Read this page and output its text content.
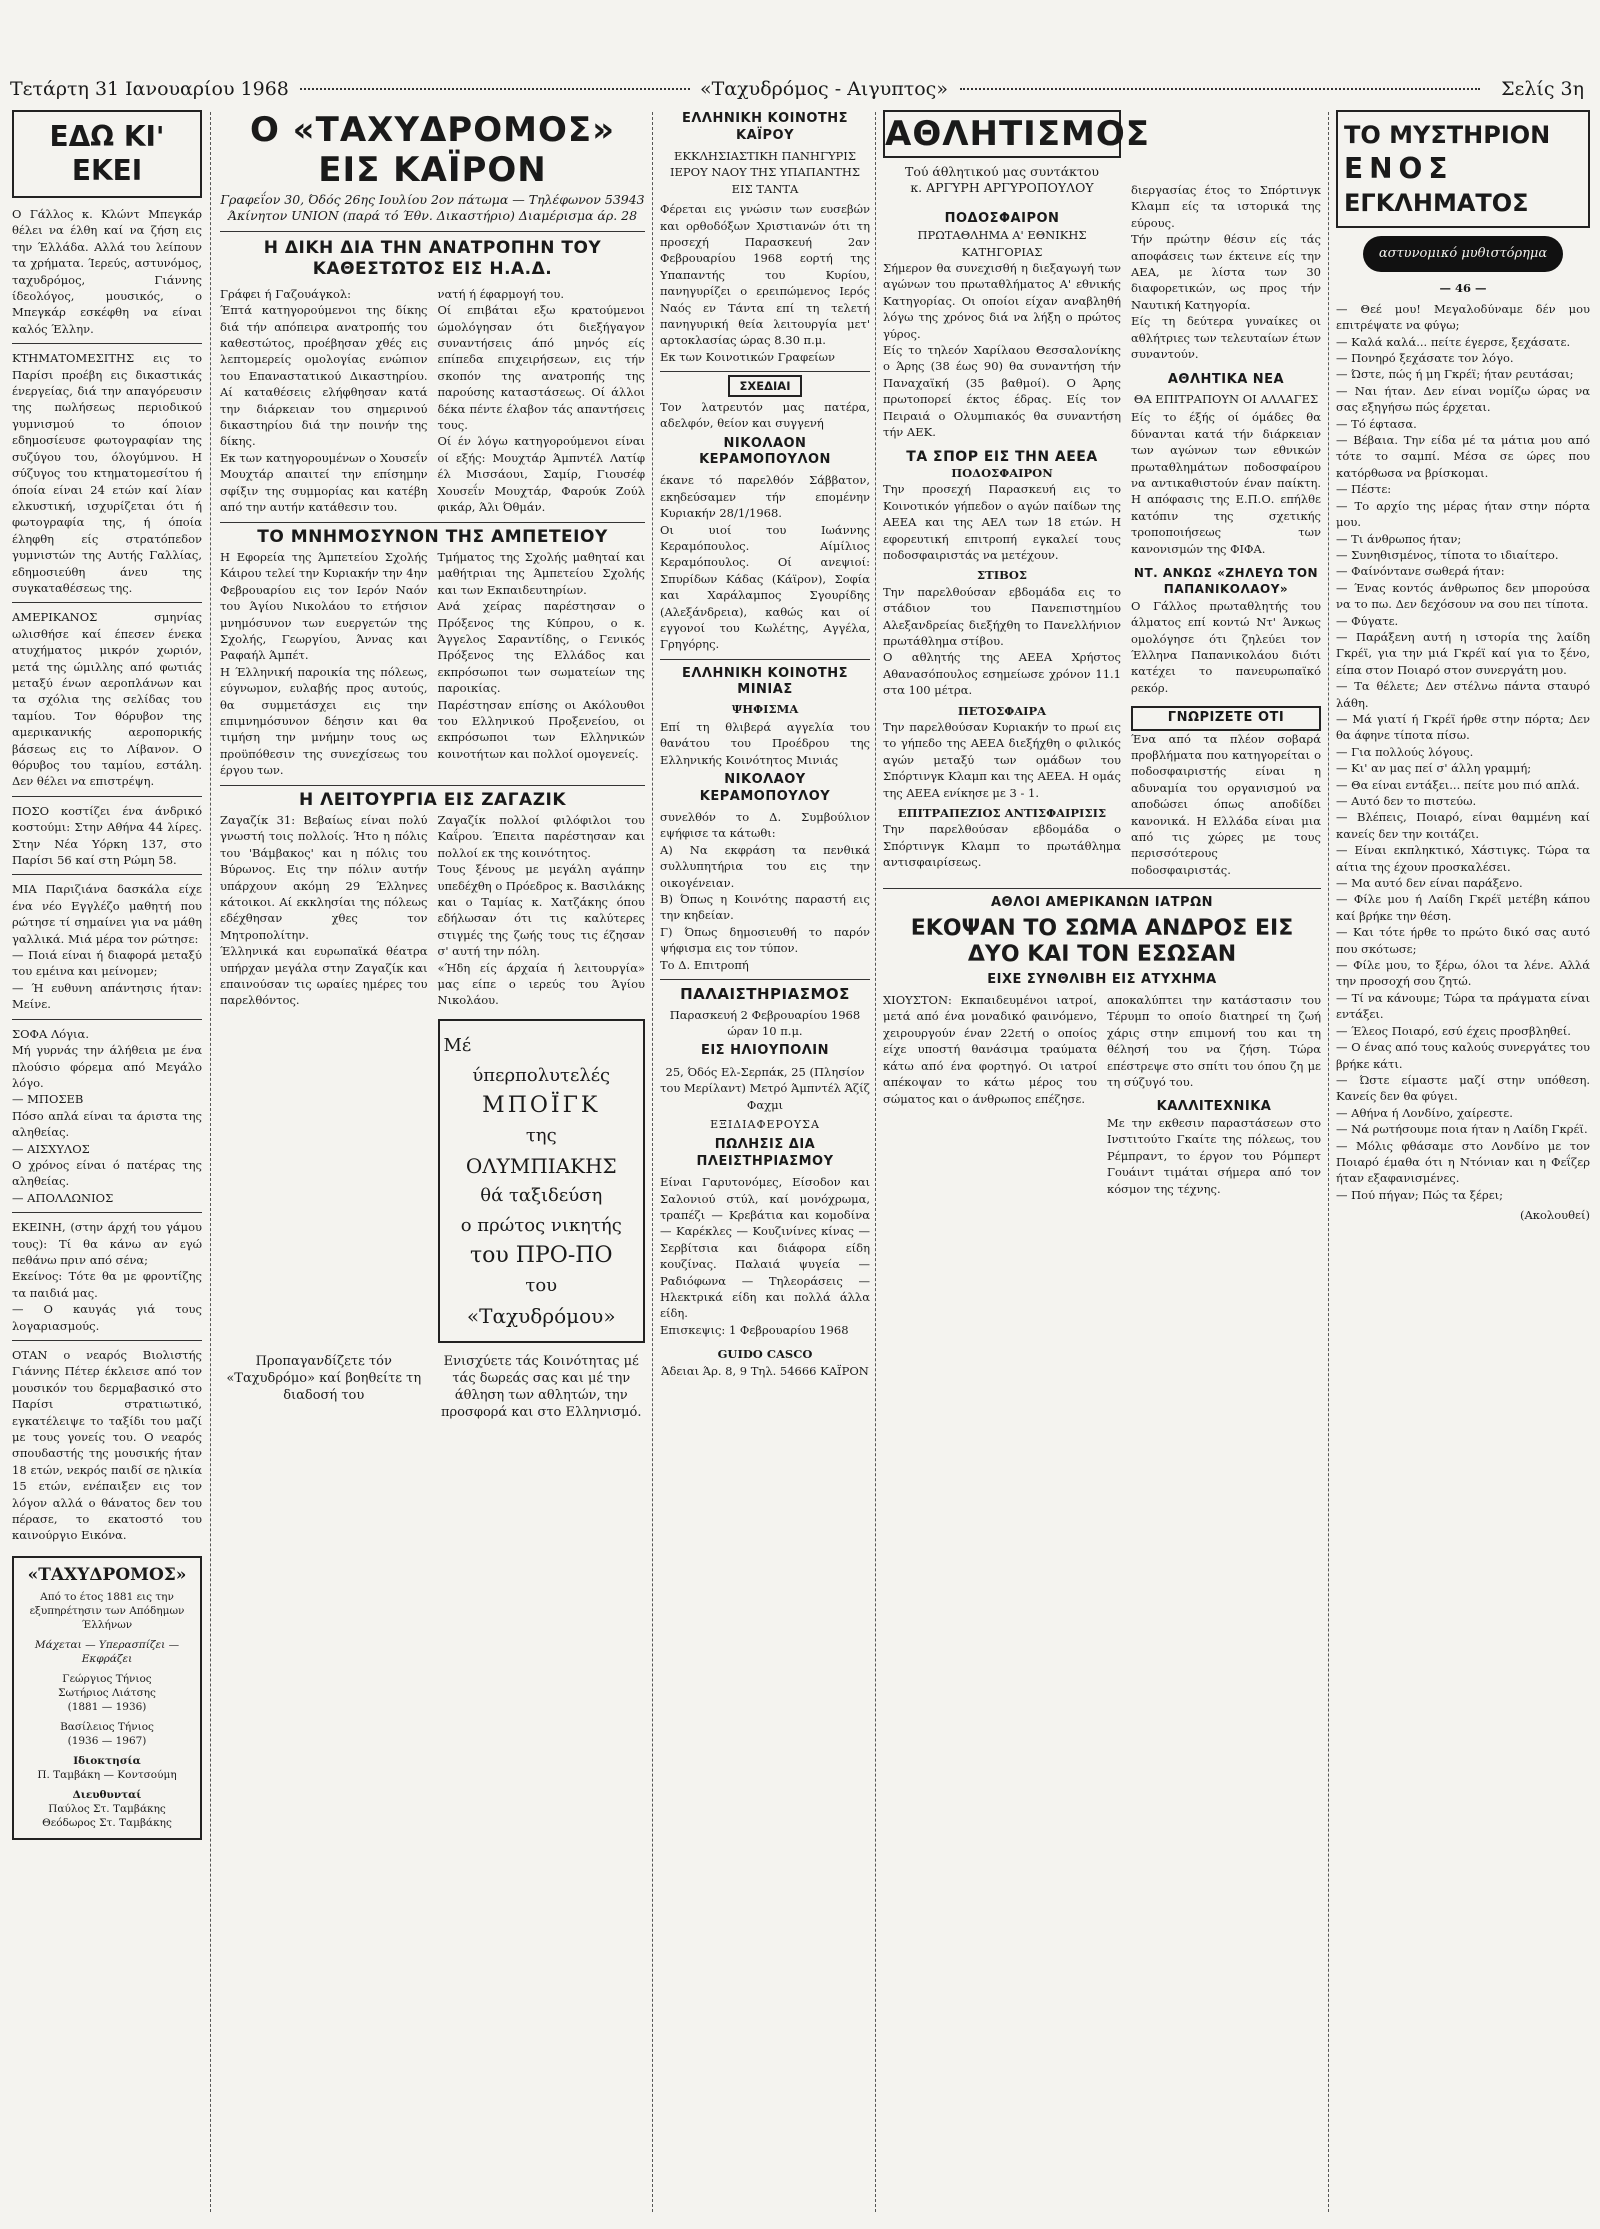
Τετάρτη 31 Ιανουαρίου 1968	«Ταχυδρόμος - Αιγυπτος»	Σελίς 3η
ΕΔΩ ΚΙ' ΕΚΕΙ
Ο Γάλλος κ. Κλώντ Μπεγκάρ θέλει να έλθη καί να ζήση εις την Έλλάδα. Αλλά του λείπουν τα χρήματα. Ίερεύς, αστυνόμος, ταχυδρόμος, Γιάννης ίδεολόγος, μουσικός, ο Μπεγκάρ εσκέφθη να είναι καλός Έλλην.
ΚΤΗΜΑΤΟΜΕΣΙΤΗΣ εις το Παρίσι προέβη εις δικαστικάς ένεργείας, διά την απαγόρευσιν της πωλήσεως περιοδικού γυμνισμού το όποιον εδημοσίευσε φωτογραφίαν της συζύγου του, όλογύμνου. Η σύζυγος του κτηματομεσίτου ή όποία είναι 24 ετών καί λίαν ελκυστική, ισχυρίζεται ότι ή φωτογραφία της, ή όποία έληφθη είς στρατόπεδον γυμνιστών της Αυτής Γαλλίας, εδημοσιεύθη άνευ της συγκαταθέσεως της.
ΑΜΕΡΙΚΑΝΟΣ σμηνίας ωλισθήσε καί έπεσεν ένεκα ατυχήματος μικρόν χωριόν, μετά της ώμιλλης από φωτιάς μεταξύ ένων αεροπλάνων και τα σχόλια της σελίδας του ταμίου. Τον θόρυβον της αμερικανικής αεροπορικής βάσεως εις το Λίβανον. Ο θόρυβος του ταμίου, εστάλη. Δεν θέλει να επιστρέψη.
ΠΟΣΟ κοστίζει ένα άνδρικό κοστούμι: Στην Αθήνα 44 λίρες. Στην Νέα Υόρκη 137, στο Παρίσι 56 καί στη Ρώμη 58.
ΜΙΑ Παριζιάνα δασκάλα είχε ένα νέο Εγγλέζο μαθητή που ρώτησε τί σημαίνει για να μάθη γαλλικά. Μιά μέρα τον ρώτησε:
— Ποιά είναι ή διαφορά μεταξύ του εμέινα και μείνομεν;
— Ή ευθυνη απάντησις ήταν: Μείνε.
ΣΟΦΑ Λόγια.
Μή γυρνάς την άλήθεια με ένα πλούσιο φόρεμα από Μεγάλο λόγο.
— ΜΠΟΣΕΒ
Πόσο απλά είναι τα άριστα της αληθείας.
— ΑΙΣΧΥΛΟΣ
Ο χρόνος είναι ό πατέρας της αληθείας.
— ΑΠΟΛΛΩΝΙΟΣ
ΕΚΕΙΝΗ, (στην άρχή του γάμου τους): Τί θα κάνω αν εγώ πεθάνω πριν από σένα;
Εκείνος: Τότε θα με φροντίζης τα παιδιά μας.
— Ο καυγάς γιά τους λογαριασμούς.
ΟΤΑΝ ο νεαρός Βιολιστής Γιάννης Πέτερ έκλεισε από τον μουσικόν του δερμαβασικό στο Παρίσι στρατιωτικό, εγκατέλειψε το ταξίδι του μαζί με τους γονείς του. Ο νεαρός σπουδαστής της μουσικής ήταν 18 ετών, νεκρός παιδί σε ηλικία 15 ετών, ενέπαιξεν εις τον λόγον αλλά ο θάνατος δεν του πέρασε, το εκατοστό του καινούργιο Εικόνα.
«ΤΑΧΥΔΡΟΜΟΣ»
Από το έτος 1881 εις την εξυπηρέτησιν των Απόδημων Έλλήνων
Μάχεται — Υπερασπίζει — Εκφράζει
Γεώργιος Τήνιος
Σωτήριος Λιάτσης
(1881 — 1936)
Βασίλειος Τήνιος
(1936 — 1967)
Ιδιοκτησία
Π. Ταμβάκη — Κοντσούμη
Διευθυνταί
Παύλος Στ. Ταμβάκης
Θεόδωρος Στ. Ταμβάκης
Ο «ΤΑΧΥΔΡΟΜΟΣ» ΕΙΣ ΚΑΪΡΟΝ
Γραφεΐον 30, Όδός 26ης Ιουλίου 2ον πάτωμα — Τηλέφωνον 53943
Άκίνητον UNION (παρά τό Έθν. Δικαστήριο) Διαμέρισμα άρ. 28
Η ΔΙΚΗ ΔΙΑ ΤΗΝ ΑΝΑΤΡΟΠΗΝ ΤΟΥ ΚΑΘΕΣΤΩΤΟΣ ΕΙΣ Η.Α.Δ.
Γράφει ή Γαζουάγκολ:
Έπτά κατηγορούμενοι της δίκης διά τήν απόπειρα ανατροπής του καθεστώτος, προέβησαν χθές εις λεπτομερείς ομολογίας ενώπιον του Επαναστατικού Δικαστηρίου. Αί καταθέσεις ελήφθησαν κατά την διάρκειαν του σημερινού δικαστηρίου διά την ποινήν της δίκης.
Εκ των κατηγορουμένων ο Χουσεΐν Μουχτάρ απαιτεί την επίσημην σφίξιν της συμμορίας και κατέβη από την αυτήν κατάθεσιν του.
νατή ή έφαρμογή του.
Οί επιβάται εξω κρατούμενοι ώμολόγησαν ότι διεξήγαγον συναντήσεις άπό μηνός είς επίπεδα επιχειρήσεων, εις τήν σκοπόν της ανατροπής της παρούσης καταστάσεως. Οί άλλοι δέκα πέντε έλαβον τάς απαντήσεις τους.
Οί έν λόγω κατηγορούμενοι είναι οί εξής: Μουχτάρ Άμπντέλ Λατίφ έλ Μισσάουι, Σαμίρ, Γιουσέφ Χουσεΐν Μουχτάρ, Φαρούκ Ζούλ φικάρ, Άλι Όθμάν.
ΤΟ ΜΝΗΜΟΣΥΝΟΝ ΤΗΣ ΑΜΠΕΤΕΙΟΥ
Η Εφορεία της Άμπετείου Σχολής Κάιρου τελεί την Κυριακήν την 4ην Φεβρουαρίου εις τον Ιερόν Ναόν του Άγίου Νικολάου το ετήσιον μνημόσυνον των ευεργετών της Σχολής, Γεωργίου, Άννας και Ραφαήλ Άμπέτ.
Η Έλληνική παροικία της πόλεως, εύγνωμον, ευλαβής προς αυτούς, θα συμμετάσχει εις την επιμνημόσυνον δέησιν και θα τιμήση την μνήμην τους ως προϋπόθεσιν της συνεχίσεως του έργου των.
Τμήματος της Σχολής μαθηταί και μαθήτριαι της Άμπετείου Σχολής και των Εκπαιδευτηρίων.
Ανά χείρας παρέστησαν ο Πρόξενος της Κύπρου, ο κ. Άγγελος Σαραντίδης, ο Γενικός Πρόξενος της Ελλάδος και εκπρόσωποι των σωματείων της παροικίας.
Παρέστησαν επίσης οι Ακόλουθοι του Ελληνικού Προξενείου, οι εκπρόσωποι των Ελληνικών κοινοτήτων και πολλοί ομογενείς.
Η ΛΕΙΤΟΥΡΓΙΑ ΕΙΣ ΖΑΓΑΖΙΚ
Ζαγαζίκ 31: Βεβαίως είναι πολύ γνωστή τοις πολλοίς. Ήτο η πόλις του 'Βάμβακος' και η πόλις του Βύρωνος. Εις την πόλιν αυτήν υπάρχουν ακόμη 29 Έλληνες κάτοικοι. Αί εκκλησίαι της πόλεως εδέχθησαν χθες τον Μητροπολίτην.
Έλληνικά και ευρωπαϊκά θέατρα υπήρχαν μεγάλα στην Ζαγαζίκ και επαινούσαν τις ωραίες ημέρες του παρελθόντος.
Ζαγαζίκ πολλοί φιλόφιλοι του Καΐρου. Έπειτα παρέστησαν και πολλοί εκ της κοινότητος.
Τους ξένους με μεγάλη αγάπην υπεδέχθη ο Πρόεδρος κ. Βασιλάκης και ο Ταμίας κ. Χατζάκης όπου εδήλωσαν ότι τις καλύτερες στιγμές της ζωής τους τις έζησαν σ' αυτή την πόλη.
«Ήδη είς άρχαία ή λειτουργία» μας είπε ο ιερεύς του Άγίου Νικολάου.
Μέ
ύπερπολυτελές
ΜΠΟΪΓΚ
της
ΟΛΥΜΠΙΑΚΗΣ
θά ταξιδεύση
ο πρώτος νικητής
του ΠΡΟ-ΠΟ
του
«Ταχυδρόμου»
Προπαγανδίζετε τόν «Ταχυδρόμο» καί βοηθείτε τη διαδοσή του
Ενισχύετε τάς Κοινότητας μέ τάς δωρεάς σας και μέ την άθληση των αθλητών, την προσφορά και στο Ελληνισμό.
ΕΛΛΗΝΙΚΗ ΚΟΙΝΟΤΗΣ ΚΑΪΡΟΥ
ΕΚΚΛΗΣΙΑΣΤΙΚΗ ΠΑΝΗΓΥΡΙΣ ΙΕΡΟΥ ΝΑΟΥ ΤΗΣ ΥΠΑΠΑΝΤΗΣ ΕΙΣ ΤΑΝΤΑ
Φέρεται εις γνώσιν των ευσεβών και ορθοδόξων Χριστιανών ότι τη προσεχή Παρασκευή 2αν Φεβρουαρίου 1968 εορτή της Υπαπαντής του Κυρίου, πανηγυρίζει ο ερειπώμενος Ιερός Ναός εν Τάντα επί τη τελετή πανηγυρική θεία λειτουργία μετ' αρτοκλασίας ώρας 8.30 π.μ.
Εκ των Κοινοτικών Γραφείων
ΣΧΕΔΙΑΙ
Τον λατρευτόν μας πατέρα, αδελφόν, θείον και συγγενή
ΝΙΚΟΛΑΟΝ ΚΕΡΑΜΟΠΟΥΛΟΝ
έκανε τό παρελθόν Σάββατον, εκηδεύσαμεν τήν επομένην Κυριακήν 28/1/1968.
Οι υιοί του Ιωάννης Κεραμόπουλος. Αίμίλιος Κεραμόπουλος. Οί ανεψιοί: Σπυρίδων Κάδας (Κάϊρον), Σοφία και Χαράλαμπος Σγουρίδης (Αλεξάνδρεια), καθώς και οί εγγονοί του Κωλέτης, Αγγέλα, Γρηγόρης.
ΕΛΛΗΝΙΚΗ ΚΟΙΝΟΤΗΣ ΜΙΝΙΑΣ
ΨΗΦΙΣΜΑ
Επί τη θλιβερά αγγελία του θανάτου του Προέδρου της Ελληνικής Κοινότητος Μινιάς
ΝΙΚΟΛΑΟΥ ΚΕΡΑΜΟΠΟΥΛΟΥ
συνελθόν το Δ. Συμβούλιον εψήφισε τα κάτωθι:
Α) Να εκφράση τα πενθικά συλλυπητήρια του εις την οικογένειαν.
Β) Όπως η Κοινότης παραστή εις την κηδείαν.
Γ) Όπως δημοσιευθή το παρόν ψήφισμα εις τον τύπον.
Το Δ. Επιτροπή
ΠΑΛΑΙΣΤΗΡΙΑΣΜΟΣ
Παρασκευή 2 Φεβρουαρίου 1968 ώραν 10 π.μ.
ΕΙΣ ΗΛΙΟΥΠΟΛΙΝ
25, Όδός Ελ-Σερπάκ, 25 (Πλησίον του Μερίλαντ) Μετρό Άμπντέλ Άζίζ Φαχμι
ΕΞΙΔΙΑΦΕΡΟΥΣΑ
ΠΩΛΗΣΙΣ ΔΙΑ ΠΛΕΙΣΤΗΡΙΑΣΜΟΥ
Είναι Γαρυτονόμες, Είσοδον και Σαλονιού στύλ, καί μονόχρωμα, τραπέζι — Κρεβάτια και κομοδίνα — Καρέκλες — Κουζινίνες κίνας — Σερβίτσια και διάφορα είδη κουζίνας. Παλαιά ψυγεία — Ραδιόφωνα — Τηλεοράσεις — Ηλεκτρικά είδη και πολλά άλλα είδη.
Επισκεψις: 1 Φεβρουαρίου 1968
GUIDO CASCO
Άδειαι Άρ. 8, 9 Τηλ. 54666 ΚΑΪΡΟΝ
ΑΘΛΗΤΙΣΜΟΣ
Τού άθλητικού μας συντάκτου
κ. ΑΡΓΥΡΗ ΑΡΓΥΡΟΠΟΥΛΟΥ
ΠΟΔΟΣΦΑΙΡΟΝ
ΠΡΩΤΑΘΛΗΜΑ Α' ΕΘΝΙΚΗΣ ΚΑΤΗΓΟΡΙΑΣ
Σήμερον θα συνεχισθή η διεξαγωγή των αγώνων του πρωταθλήματος Α' εθνικής Κατηγορίας. Οι οποίοι είχαν αναβληθή λόγω της χρόνος διά να λήξη ο πρώτος γύρος.
Είς το τηλεόν Χαρίλαου Θεσσαλονίκης ο Άρης (38 έως 90) θα συναντήση τήν Παναχαϊκή (35 βαθμοί). Ο Άρης πρωτοπορεί έκτος έδρας. Είς τον Πειραιά ο Ολυμπιακός θα συναντήση τήν ΑΕΚ.
ΤΑ ΣΠΟΡ ΕΙΣ ΤΗΝ ΑΕΕΑ
ΠΟΔΟΣΦΑΙΡΟΝ
Την προσεχή Παρασκευή εις το Κοινοτικόν γήπεδον ο αγών παίδων της ΑΕΕΑ και της ΑΕΛ των 18 ετών. Η εφορευτική επιτροπή εγκαλεί τους ποδοσφαιριστάς να μετέχουν.
ΣΤΙΒΟΣ
Την παρελθούσαν εβδομάδα εις το στάδιον του Πανεπιστημίου Αλεξανδρείας διεξήχθη το Πανελλήνιον πρωτάθλημα στίβου.
Ο αθλητής της ΑΕΕΑ Χρήστος Αθανασόπουλος εσημείωσε χρόνον 11.1 στα 100 μέτρα.
ΠΕΤΟΣΦΑΙΡΑ
Την παρελθούσαν Κυριακήν το πρωί εις το γήπεδο της ΑΕΕΑ διεξήχθη ο φιλικός αγών μεταξύ των ομάδων του Σπόρτινγκ Κλαμπ και της ΑΕΕΑ. Η ομάς της ΑΕΕΑ ενίκησε με 3 - 1.
ΕΠΙΤΡΑΠΕΖΙΟΣ ΑΝΤΙΣΦΑΙΡΙΣΙΣ
Την παρελθούσαν εβδομάδα ο Σπόρτινγκ Κλαμπ το πρωτάθλημα αντισφαιρίσεως.
διεργασίας έτος το Σπόρτινγκ Κλαμπ είς τα ιστορικά της εύρους.
Τήν πρώτην θέσιν είς τάς αποφάσεις των έκτεινε είς την ΑΕΑ, με λίστα των 30 διαφορετικών, ως προς τήν Ναυτική Κατηγορία.
Είς τη δεύτερα γυναίκες οι αθλήτριες των τελευταίων έτων συναντούν.
ΑΘΛΗΤΙΚΑ ΝΕΑ
ΘΑ ΕΠΙΤΡΑΠΟΥΝ ΟΙ ΑΛΛΑΓΕΣ
Είς το έξής οί όμάδες θα δύνανται κατά τήν διάρκειαν των αγώνων των εθνικών πρωταθλημάτων ποδοσφαίρου να αντικαθιστούν έναν παίκτη. Η απόφασις της Ε.Π.Ο. επήλθε κατόπιν της σχετικής τροποποιήσεως των κανονισμών της ΦΙΦΑ.
ΝΤ. ΑΝΚΩΣ «ΖΗΛΕΥΩ ΤΟΝ ΠΑΠΑΝΙΚΟΛΑΟΥ»
Ο Γάλλος πρωταθλητής του άλματος επί κοντώ Ντ' Άνκως ομολόγησε ότι ζηλεύει τον Έλληνα Παπανικολάου διότι κατέχει το πανευρωπαϊκό ρεκόρ.
ΓΝΩΡΙΖΕΤΕ ΟΤΙ
Ένα από τα πλέον σοβαρά προβλήματα που κατηγορείται ο ποδοσφαιριστής είναι η αδυναμία του οργανισμού να αποδώσει όπως αποδίδει κανονικά. Η Ελλάδα είναι μια από τις χώρες με τους περισσότερους ποδοσφαιριστάς.
ΑΘΛΟΙ ΑΜΕΡΙΚΑΝΩΝ ΙΑΤΡΩΝ
ΕΚΟΨΑΝ ΤΟ ΣΩΜΑ ΑΝΔΡΟΣ ΕΙΣ ΔΥΟ ΚΑΙ ΤΟΝ ΕΣΩΣΑΝ
ΕΙΧΕ ΣΥΝΘΛΙΒΗ ΕΙΣ ΑΤΥΧΗΜΑ
ΧΙΟΥΣΤΟΝ: Εκπαιδευμένοι ιατροί, μετά από ένα μοναδικό φαινόμενο, χειρουργούν έναν 22ετή ο οποίος είχε υποστή θανάσιμα τραύματα κάτω από ένα φορτηγό. Οι ιατροί απέκοψαν το κάτω μέρος του σώματος και ο άνθρωπος επέζησε.
αποκαλύπτει την κατάστασιν του Τέρυμπ το οποίο διατηρεί τη ζωή χάρις στην επιμονή του και τη θέλησή του να ζήση. Τώρα επέστρεψε στο σπίτι του όπου ζη με τη σύζυγό του.
ΚΑΛΛΙΤΕΧΝΙΚΑ
Με την εκθεσιν παραστάσεων στο Ινστιτούτο Γκαίτε της πόλεως, του Ρέμπραντ, το έργον του Ρόμπερτ Γουάιντ τιμάται σήμερα από τον κόσμον της τέχνης.
ΤΟ ΜΥΣΤΗΡΙΟΝ
ΕΝΟΣ
ΕΓΚΛΗΜΑΤΟΣ
αστυνομικό μυθιστόρημα
— 46 —
— Θεέ μου! Μεγαλοδύναμε δέν μου επιτρέψατε να φύγω;
— Καλά καλά... πείτε έγερσε, ξεχάσατε.
— Πονηρό ξεχάσατε τον λόγο.
— Ώστε, πώς ή μη Γκρέϊ; ήταν ρευτάσαι;
— Ναι ήταν. Δεν είναι νομίζω ώρας να σας εξηγήσω πώς έρχεται.
— Τό έφτασα.
— Βέβαια. Την είδα μέ τα μάτια μου από τότε το σαμπί. Μέσα σε ώρες που κατόρθωσα να βρίσκομαι.
— Πέστε:
— Το αρχίο της μέρας ήταν στην πόρτα μου.
— Τι άνθρωπος ήταν;
— Συνηθισμένος, τίποτα το ιδιαίτερο.
— Φαίνόντανε σωθερά ήταν:
— Ένας κοντός άνθρωπος δεν μπορούσα να το πω. Δεν δεχόσουν να σου πει τίποτα.
— Φύγατε.
— Παράξενη αυτή η ιστορία της λαίδη Γκρέϊ, για την μιά Γκρέϊ καί για το ξένο, είπα στον Ποιαρό στον συνεργάτη μου.
— Τα θέλετε; Δεν στέλνω πάντα σταυρό λάθη.
— Μά γιατί ή Γκρέϊ ήρθε στην πόρτα; Δεν θα άφηνε τίποτα πίσω.
— Για πολλούς λόγους.
— Κι' αν μας πεί σ' άλλη γραμμή;
— Θα είναι εντάξει... πείτε μου πιό απλά.
— Αυτό δεν το πιστεύω.
— Βλέπεις, Ποιαρό, είναι θαμμένη καί κανείς δεν την κοιτάζει.
— Είναι εκπληκτικό, Χάστιγκς. Τώρα τα αίτια της έχουν προσκαλέσει.
— Μα αυτό δεν είναι παράξενο.
— Φίλε μου ή Λαίδη Γκρέϊ μετέβη κάπου καί βρήκε την θέση.
— Και τότε ήρθε το πρώτο δικό σας αυτό που σκότωσε;
— Φίλε μου, το ξέρω, όλοι τα λένε. Αλλά την προσοχή σου ζητώ.
— Τί να κάνουμε; Τώρα τα πράγματα είναι εντάξει.
— Έλεος Ποιαρό, εσύ έχεις προσβληθεί.
— Ο ένας από τους καλούς συνεργάτες του βρήκε κάτι.
— Ώστε είμαστε μαζί στην υπόθεση. Κανείς δεν θα φύγει.
— Αθήνα ή Λονδίνο, χαίρεστε.
— Νά ρωτήσουμε ποια ήταν η Λαίδη Γκρέϊ.
— Μόλις φθάσαμε στο Λονδίνο με τον Ποιαρό έμαθα ότι η Ντόνιαν και η Φεΐζερ ήταν εξαφανισμένες.
— Πού πήγαν; Πώς τα ξέρει;
(Ακολουθεί)
